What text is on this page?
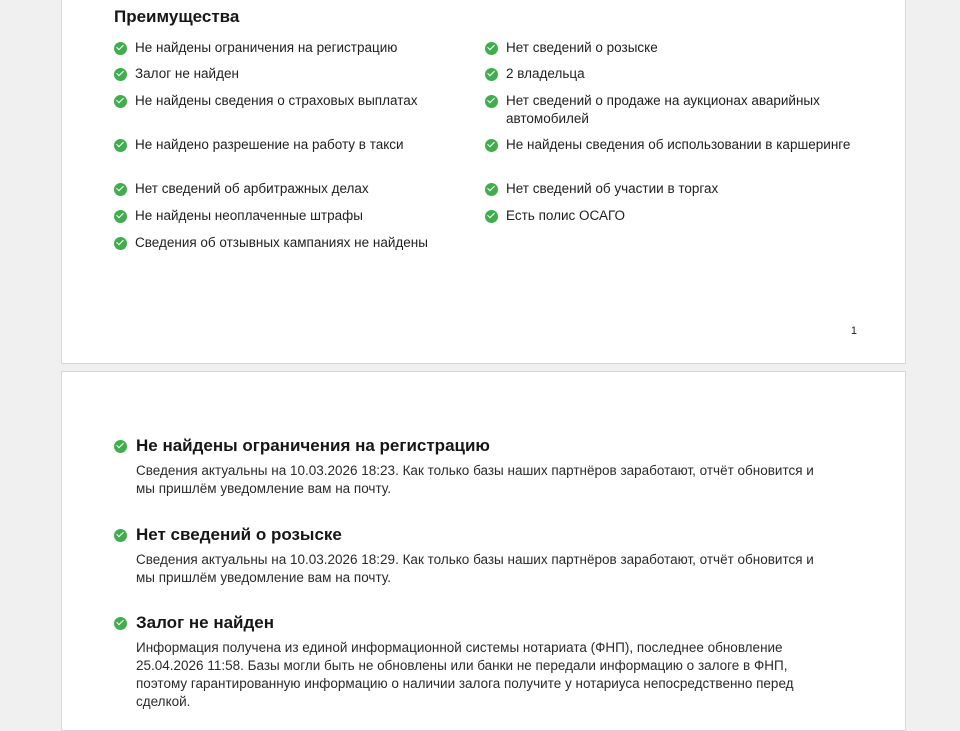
Преимущества
Не найдены ограничения на регистрацию
Залог не найден
Не найдены сведения о страховых выплатах
Не найдено разрешение на работу в такси
Нет сведений об арбитражных делах
Не найдены неоплаченные штрафы
Сведения об отзывных кампаниях не найдены
Нет сведений о розыске
2 владельца
Нет сведений о продаже на аукционах аварийных автомобилей
Не найдены сведения об использовании в каршеринге
Нет сведений об участии в торгах
Есть полис ОСАГО
1
Не найдены ограничения на регистрацию
Сведения актуальны на 10.03.2026 18:23. Как только базы наших партнёров заработают, отчёт обновится и мы пришлём уведомление вам на почту.
Нет сведений о розыске
Сведения актуальны на 10.03.2026 18:29. Как только базы наших партнёров заработают, отчёт обновится и мы пришлём уведомление вам на почту.
Залог не найден
Информация получена из единой информационной системы нотариата (ФНП), последнее обновление 25.04.2026 11:58. Базы могли быть не обновлены или банки не передали информацию о залоге в ФНП, поэтому гарантированную информацию о наличии залога получите у нотариуса непосредственно перед сделкой.
